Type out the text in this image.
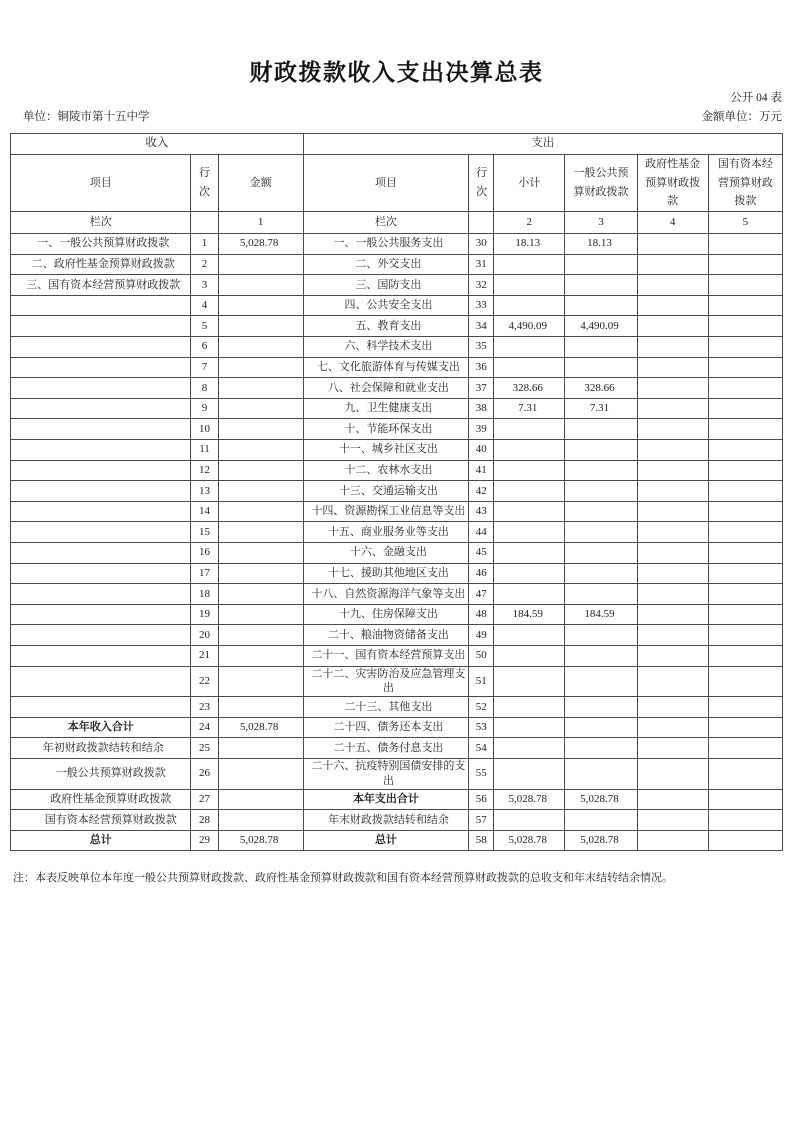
财政拨款收入支出决算总表
公开 04 表
单位：铜陵市第十五中学	金额单位：万元
收入			支出					
项目	行次	金额	项目	行次	小计	一般公共预算财政拨款	政府性基金预算财政拨款	国有资本经营预算财政拨款
栏次		1	栏次		2	3	4	5
一、一般公共预算财政拨款	1	5,028.78	一、一般公共服务支出	30	18.13	18.13		
二、政府性基金预算财政拨款	2		二、外交支出	31				
三、国有资本经营预算财政拨款	3		三、国防支出	32				
	4		四、公共安全支出	33				
	5		五、教育支出	34	4,490.09	4,490.09		
	6		六、科学技术支出	35				
	7		七、文化旅游体育与传媒支出	36				
	8		八、社会保障和就业支出	37	328.66	328.66		
	9		九、卫生健康支出	38	7.31	7.31		
	10		十、节能环保支出	39				
	11		十一、城乡社区支出	40				
	12		十二、农林水支出	41				
	13		十三、交通运输支出	42				
	14		十四、资源勘探工业信息等支出	43				
	15		十五、商业服务业等支出	44				
	16		十六、金融支出	45				
	17		十七、援助其他地区支出	46				
	18		十八、自然资源海洋气象等支出	47				
	19		十九、住房保障支出	48	184.59	184.59		
	20		二十、粮油物资储备支出	49				
	21		二十一、国有资本经营预算支出	50				
	22		二十二、灾害防治及应急管理支出	51				
	23		二十三、其他支出	52				
本年收入合计	24	5,028.78	二十四、债务还本支出	53				
年初财政拨款结转和结余	25		二十五、债务付息支出	54				
一般公共预算财政拨款	26		二十六、抗疫特别国债安排的支出	55				
政府性基金预算财政拨款	27		本年支出合计	56	5,028.78	5,028.78		
国有资本经营预算财政拨款	28		年末财政拨款结转和结余	57				
总计	29	5,028.78	总计	58	5,028.78	5,028.78		
注：本表反映单位本年度一般公共预算财政拨款、政府性基金预算财政拨款和国有资本经营预算财政拨款的总收支和年末结转结余情况。
